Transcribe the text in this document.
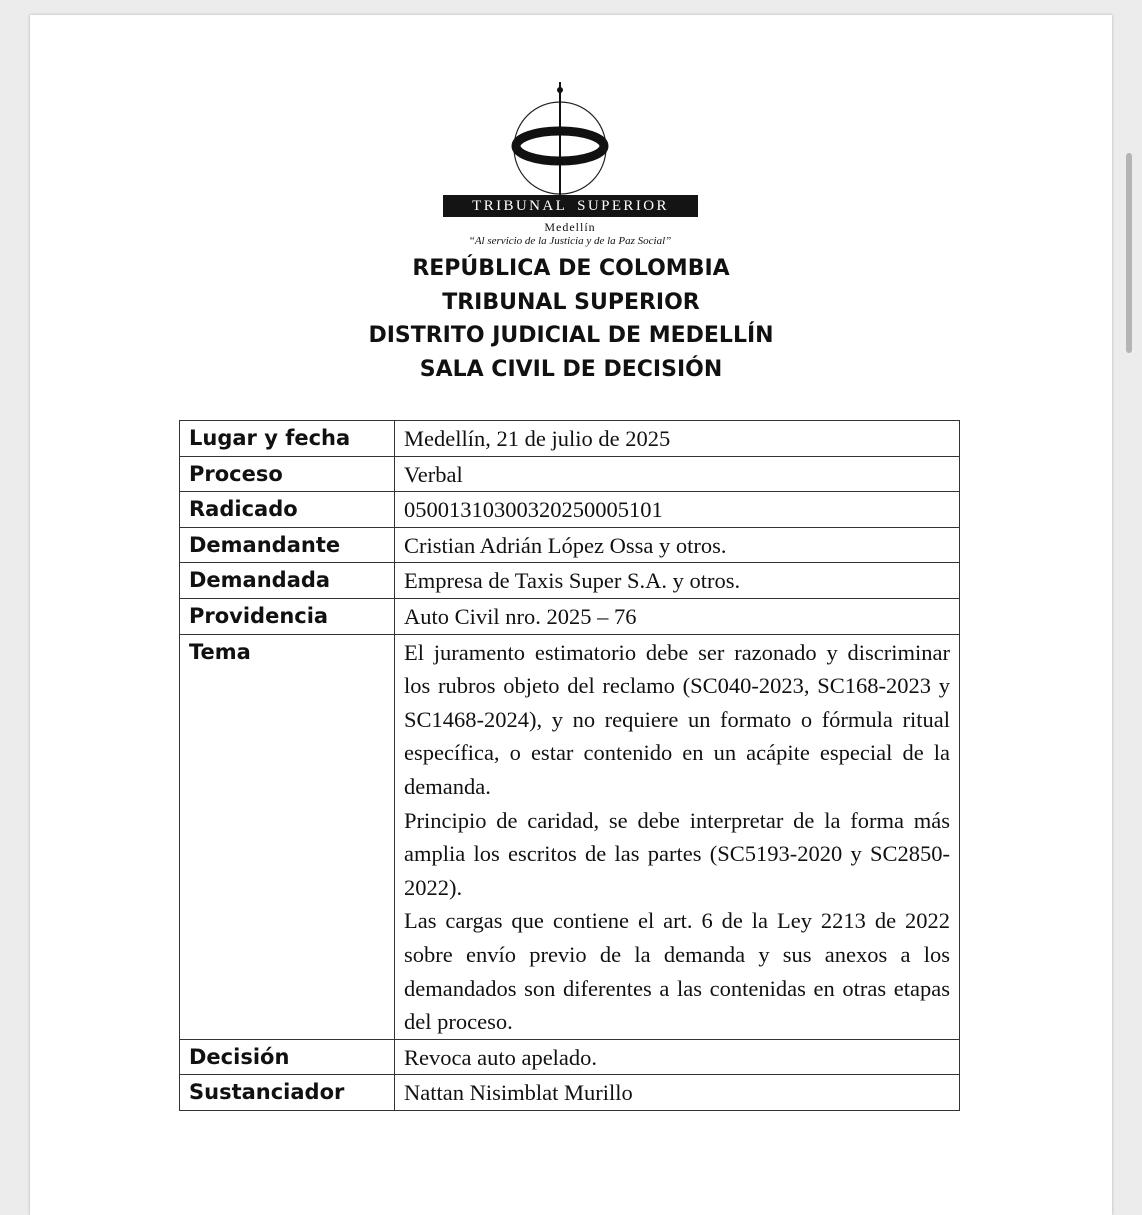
TRIBUNAL SUPERIOR
Medellín
“Al servicio de la Justicia y de la Paz Social”
REPÚBLICA DE COLOMBIA
TRIBUNAL SUPERIOR
DISTRITO JUDICIAL DE MEDELLÍN
SALA CIVIL DE DECISIÓN
Lugar y fecha	Medellín, 21 de julio de 2025
Proceso	Verbal
Radicado	05001310300320250005101
Demandante	Cristian Adrián López Ossa y otros.
Demandada	Empresa de Taxis Super S.A. y otros.
Providencia	Auto Civil nro. 2025 – 76
Tema	El juramento estimatorio debe ser razonado y discriminar los rubros objeto del reclamo (SC040-2023, SC168-2023 y SC1468-2024), y no requiere un formato o fórmula ritual específica, o estar contenido en un acápite especial de la demanda.
Principio de caridad, se debe interpretar de la forma más amplia los escritos de las partes (SC5193-2020 y SC2850-2022).
Las cargas que contiene el art. 6 de la Ley 2213 de 2022 sobre envío previo de la demanda y sus anexos a los demandados son diferentes a las contenidas en otras etapas del proceso.

Decisión	Revoca auto apelado.
Sustanciador	Nattan Nisimblat Murillo
